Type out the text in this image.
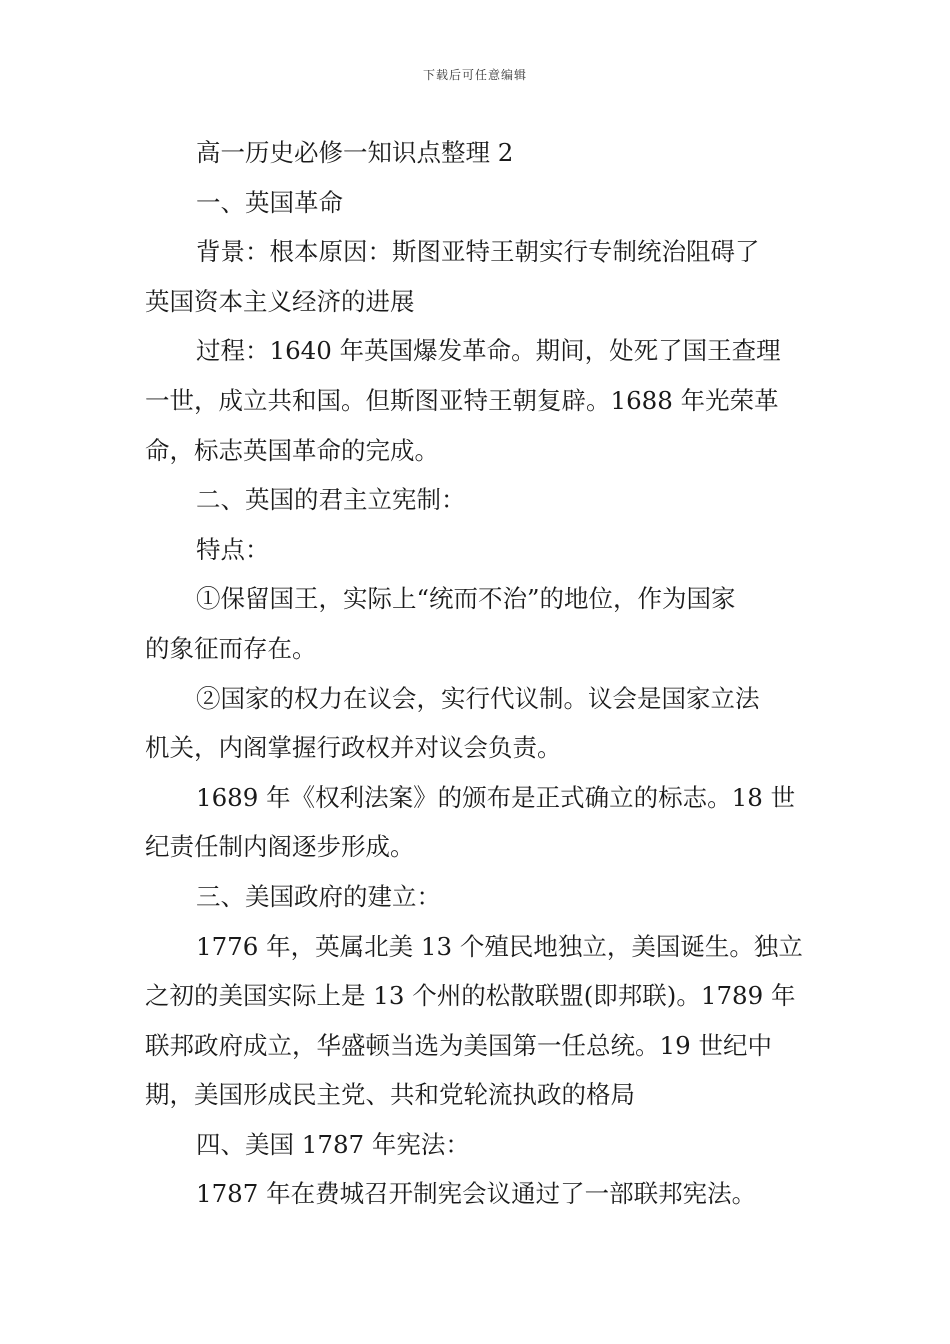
下载后可任意编辑
高一历史必修一知识点整理 2
一、英国革命
背景：根本原因：斯图亚特王朝实行专制统治阻碍了
英国资本主义经济的进展
过程：1640 年英国爆发革命。期间，处死了国王查理
一世，成立共和国。但斯图亚特王朝复辟。1688 年光荣革
命，标志英国革命的完成。
二、英国的君主立宪制：
特点：
①保留国王，实际上“统而不治”的地位，作为国家
的象征而存在。
②国家的权力在议会，实行代议制。议会是国家立法
机关，内阁掌握行政权并对议会负责。
1689 年《权利法案》的颁布是正式确立的标志。18 世
纪责任制内阁逐步形成。
三、美国政府的建立：
1776 年，英属北美 13 个殖民地独立，美国诞生。独立
之初的美国实际上是 13 个州的松散联盟(即邦联)。1789 年
联邦政府成立，华盛顿当选为美国第一任总统。19 世纪中
期，美国形成民主党、共和党轮流执政的格局
四、美国 1787 年宪法：
1787 年在费城召开制宪会议通过了一部联邦宪法。
